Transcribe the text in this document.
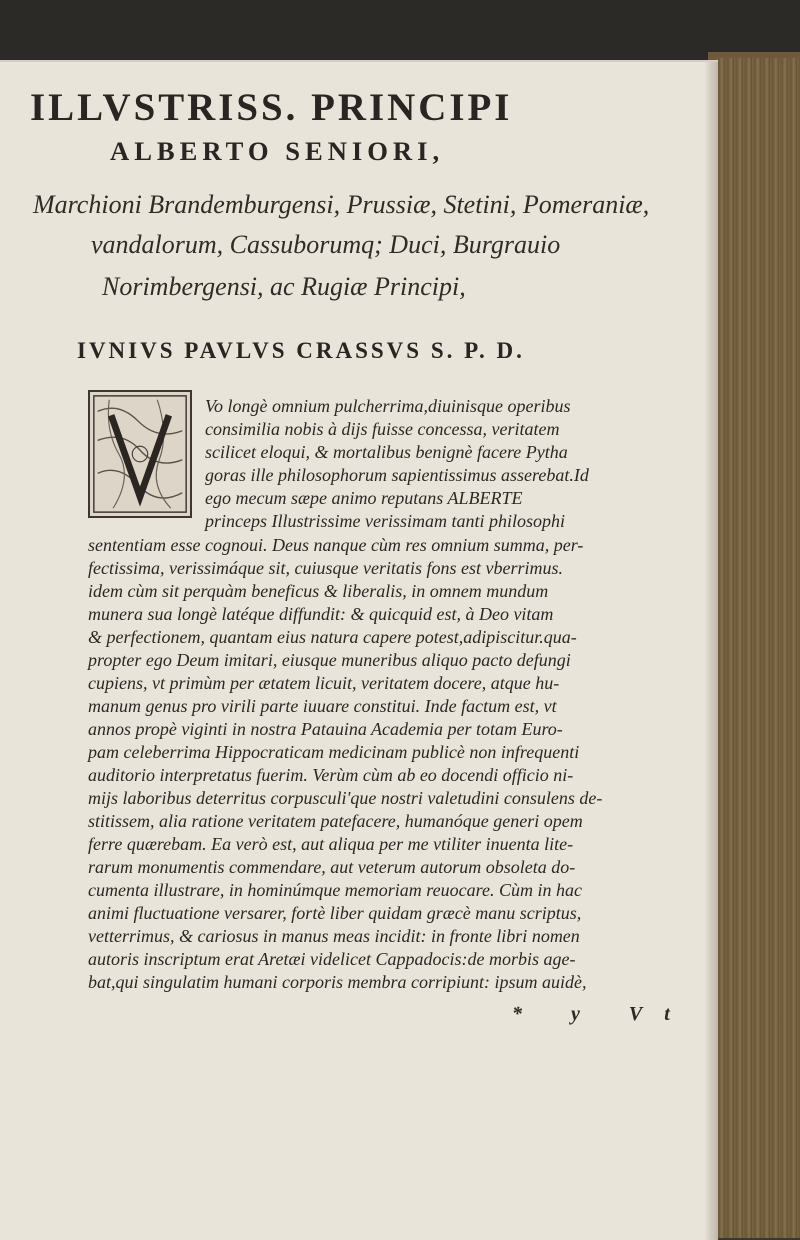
ILLVSTRISS. PRINCIPI
ALBERTO SENIORI,

Marchioni Brandemburgensi, Prussiæ, Stetini, Pomeraniæ,

vandalorum, Cassuborumq; Duci, Burgrauio

Norimbergensi, ac Rugiæ Principi,

IVNIVS PAVLVS CRASSVS S. P. D.

Vo longè omnium pulcherrima,diuinisque operibus

consimilia nobis à dijs fuisse concessa, veritatem

scilicet eloqui, & mortalibus benignè facere Pytha

goras ille philosophorum sapientissimus asserebat.Id

ego mecum sæpe animo reputans ALBERTE

princeps Illustrissime verissimam tanti philosophi

sententiam esse cognoui. Deus nanque cùm res omnium summa, per-

fectissima, verissimáque sit, cuiusque veritatis fons est vberrimus.

idem cùm sit perquàm beneficus & liberalis, in omnem mundum

munera sua longè latéque diffundit: & quicquid est, à Deo vitam

& perfectionem, quantam eius natura capere potest,adipiscitur.qua-

propter ego Deum imitari, eiusque muneribus aliquo pacto defungi

cupiens, vt primùm per ætatem licuit, veritatem docere, atque hu-

manum genus pro virili parte iuuare constitui. Inde factum est, vt

annos propè viginti in nostra Patauina Academia per totam Euro-

pam celeberrima Hippocraticam medicinam publicè non infrequenti

auditorio interpretatus fuerim. Verùm cùm ab eo docendi officio ni-

mijs laboribus deterritus corpusculi'que nostri valetudini consulens de-

stitissem, alia ratione veritatem patefacere, humanóque generi opem

ferre quærebam. Ea verò est, aut aliqua per me vtiliter inuenta lite-

rarum monumentis commendare, aut veterum autorum obsoleta do-

cumenta illustrare, in hominúmque memoriam reuocare. Cùm in hac

animi fluctuatione versarer, fortè liber quidam græcè manu scriptus,

vetterrimus, & cariosus in manus meas incidit: in fronte libri nomen

autoris inscriptum erat Aretæi videlicet Cappadocis:de morbis age-

bat,qui singulatim humani corporis membra corripiunt: ipsum auidè,

* y Vt
